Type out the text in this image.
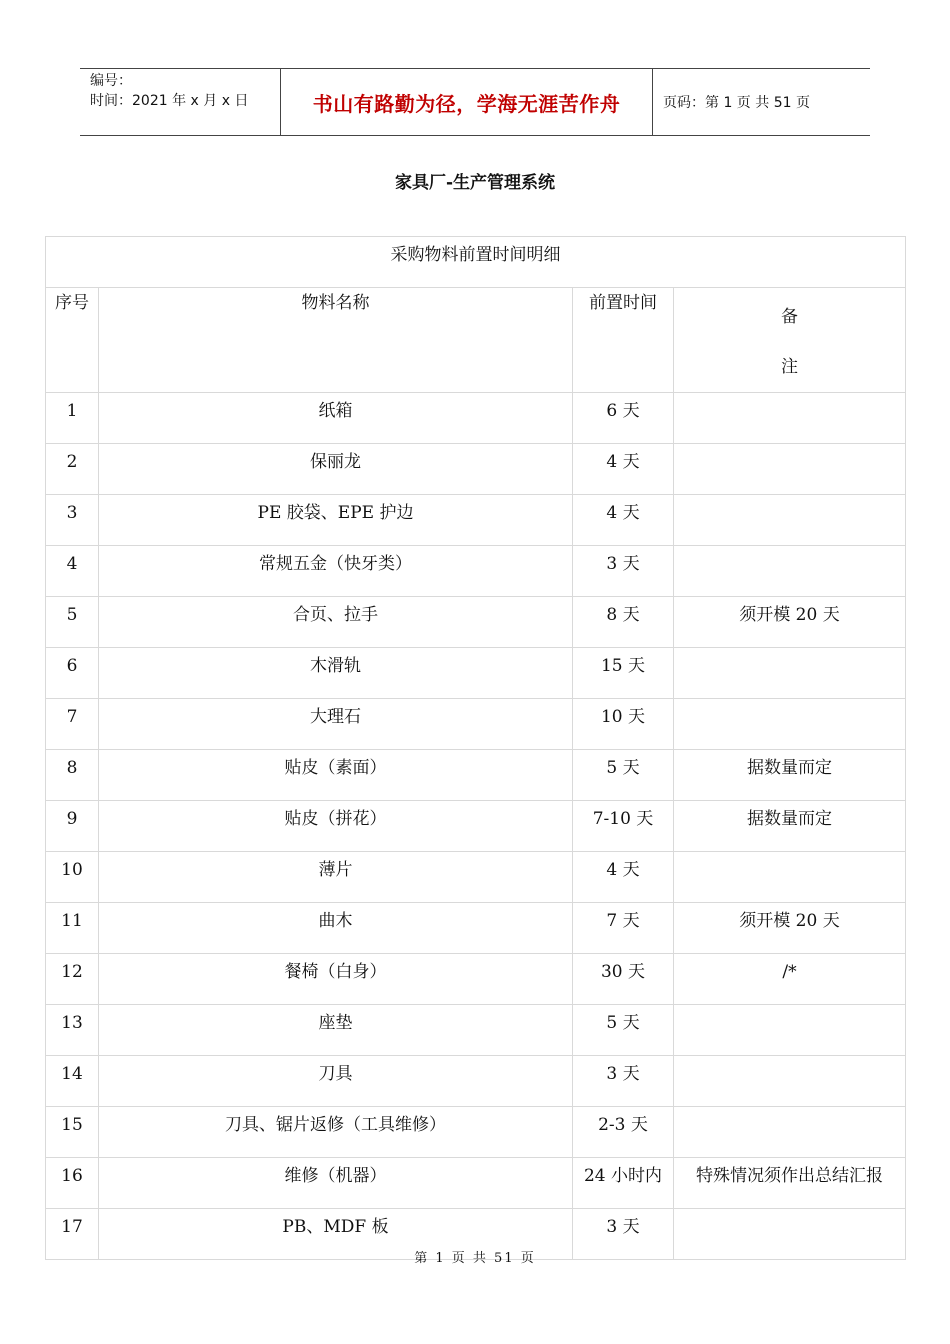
编号：
时间：2021 年 x 月 x 日	书山有路勤为径，学海无涯苦作舟	页码：第 1 页 共 51 页
家具厂-生产管理系统
采购物料前置时间明细			
序号	物料名称	前置时间	备
注

1	纸箱	6 天	
2	保丽龙	4 天	
3	PE 胶袋、EPE 护边	4 天	
4	常规五金（快牙类）	3 天	
5	合页、拉手	8 天	须开模 20 天
6	木滑轨	15 天	
7	大理石	10 天	
8	贴皮（素面）	5 天	据数量而定
9	贴皮（拼花）	7-10 天	据数量而定
10	薄片	4 天	
11	曲木	7 天	须开模 20 天
12	餐椅（白身）	30 天	/*
13	座垫	5 天	
14	刀具	3 天	
15	刀具、锯片返修（工具维修）	2-3 天	
16	维修（机器）	24 小时内	特殊情况须作出总结汇报
17	PB、MDF 板	3 天	
第 1 页 共 51 页
